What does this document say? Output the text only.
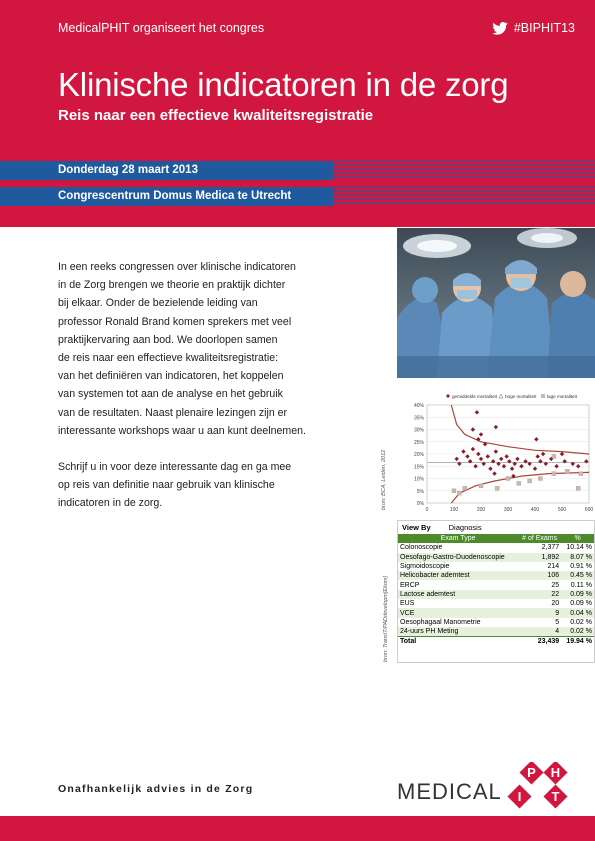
MedicalPHIT organiseert het congres	#BIPHIT13
Klinische indicatoren in de zorg
Reis naar een effectieve kwaliteitsregistratie
Donderdag 28 maart 2013
Congrescentrum Domus Medica te Utrecht

In een reeks congressen over klinische indicatoren
in de Zorg brengen we theorie en praktijk dichter
bij elkaar. Onder de bezielende leiding van
professor Ronald Brand komen sprekers met veel
praktijkervaring aan bod. We doorlopen samen
de reis naar een effectieve kwaliteitsregistratie:
van het definiëren van indicatoren, het koppelen
van systemen tot aan de analyse en het gebruik
van de resultaten. Naast plenaire lezingen zijn er
interessante workshops waar u aan kunt deelnemen.

Schrijf u in voor deze interessante dag en ga mee
op reis van definitie naar gebruik van klinische
indicatoren in de zorg.	0%
5%
10%
15%
20%
25%
30%
35%
40%
0	100	200	300	400	500	600
gemiddelde mortaliteit hoge mortaliteit lage mortaliteit
bron: BCA, Leiden, 2012
View By Diagnosis
Exam Type	# of Exams	%
Colonoscopie	2,377	10.14 %
Oesofago-Gastro-Duodenoscopie	1,892	8.07 %
Sigmoidoscopie	214	0.91 %
Helicobacter ademtest	106	0.45 %
ERCP	25	0.11 %
Lactose ademtest	22	0.09 %
EUS	20	0.09 %
VCE	9	0.04 %
Oesophagaal Manometrie	5	0.02 %
24-uurs PH Meting	4	0.02 %
Total	23,439	19.94 %
bron: TransIT/PADdevelopm[Ekom]
Onafhankelijk advies in de Zorg	MEDICAL
P H
I T
